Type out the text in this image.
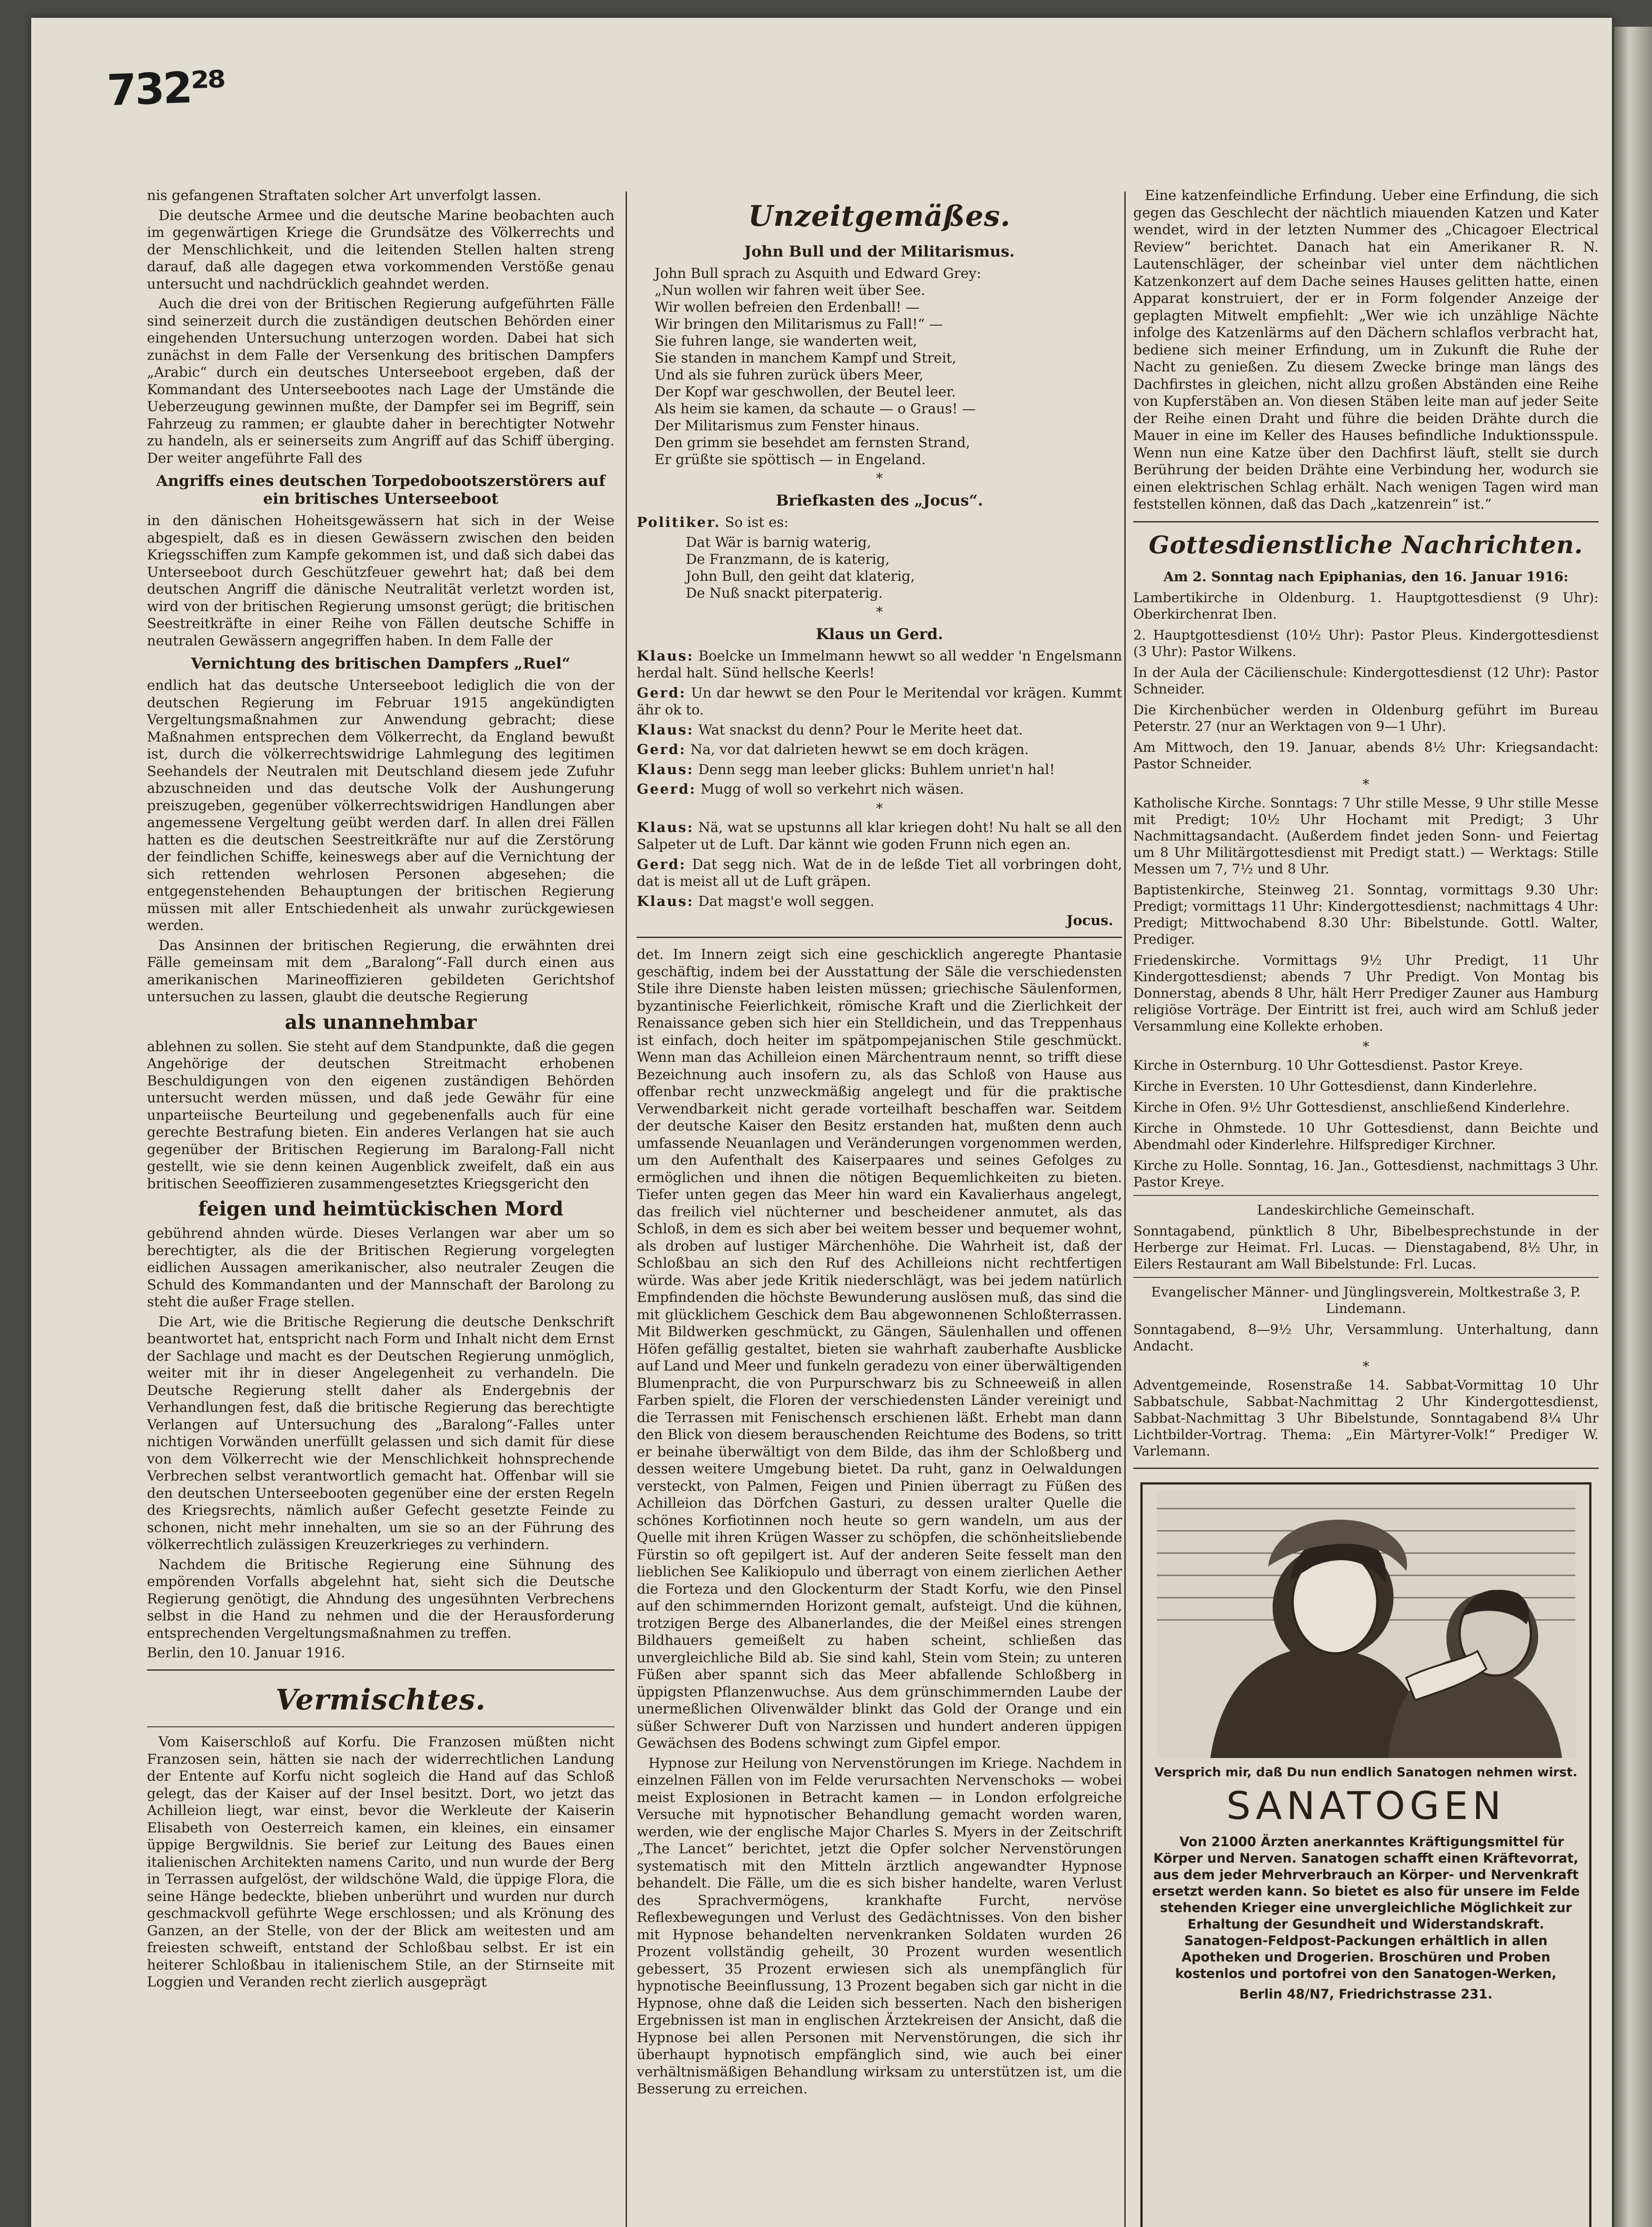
732²⁸

nis gefangenen Straftaten solcher Art unverfolgt lassen.

Die deutsche Armee und die deutsche Marine beobachten auch im gegenwärtigen Kriege die Grundsätze des Völkerrechts und der Menschlichkeit, und die leitenden Stellen halten streng darauf, daß alle dagegen etwa vorkommenden Verstöße genau untersucht und nachdrücklich geahndet werden.

Auch die drei von der Britischen Regierung aufgeführten Fälle sind seinerzeit durch die zuständigen deutschen Behörden einer eingehenden Untersuchung unterzogen worden. Dabei hat sich zunächst in dem Falle der Versenkung des britischen Dampfers „Arabic“ durch ein deutsches Unterseeboot ergeben, daß der Kommandant des Unterseebootes nach Lage der Umstände die Ueberzeugung gewinnen mußte, der Dampfer sei im Begriff, sein Fahrzeug zu rammen; er glaubte daher in berechtigter Notwehr zu handeln, als er seinerseits zum Angriff auf das Schiff überging. Der weiter angeführte Fall des

Angriffs eines deutschen Torpedobootszerstörers auf ein britisches Unterseeboot

in den dänischen Hoheitsgewässern hat sich in der Weise abgespielt, daß es in diesen Gewässern zwischen den beiden Kriegsschiffen zum Kampfe gekommen ist, und daß sich dabei das Unterseeboot durch Geschützfeuer gewehrt hat; daß bei dem deutschen Angriff die dänische Neutralität verletzt worden ist, wird von der britischen Regierung umsonst gerügt; die britischen Seestreitkräfte in einer Reihe von Fällen deutsche Schiffe in neutralen Gewässern angegriffen haben. In dem Falle der

Vernichtung des britischen Dampfers „Ruel“

endlich hat das deutsche Unterseeboot lediglich die von der deutschen Regierung im Februar 1915 angekündigten Vergeltungsmaßnahmen zur Anwendung gebracht; diese Maßnahmen entsprechen dem Völkerrecht, da England bewußt ist, durch die völkerrechtswidrige Lahmlegung des legitimen Seehandels der Neutralen mit Deutschland diesem jede Zufuhr abzuschneiden und das deutsche Volk der Aushungerung preiszugeben, gegenüber völkerrechtswidrigen Handlungen aber angemessene Vergeltung geübt werden darf. In allen drei Fällen hatten es die deutschen Seestreitkräfte nur auf die Zerstörung der feindlichen Schiffe, keineswegs aber auf die Vernichtung der sich rettenden wehrlosen Personen abgesehen; die entgegenstehenden Behauptungen der britischen Regierung müssen mit aller Entschiedenheit als unwahr zurückgewiesen werden.

Das Ansinnen der britischen Regierung, die erwähnten drei Fälle gemeinsam mit dem „Baralong“-Fall durch einen aus amerikanischen Marineoffizieren gebildeten Gerichtshof untersuchen zu lassen, glaubt die deutsche Regierung

als unannehmbar

ablehnen zu sollen. Sie steht auf dem Standpunkte, daß die gegen Angehörige der deutschen Streitmacht erhobenen Beschuldigungen von den eigenen zuständigen Behörden untersucht werden müssen, und daß jede Gewähr für eine unparteiische Beurteilung und gegebenenfalls auch für eine gerechte Bestrafung bieten. Ein anderes Verlangen hat sie auch gegenüber der Britischen Regierung im Baralong-Fall nicht gestellt, wie sie denn keinen Augenblick zweifelt, daß ein aus britischen Seeoffizieren zusammengesetztes Kriegsgericht den

feigen und heimtückischen Mord

gebührend ahnden würde. Dieses Verlangen war aber um so berechtigter, als die der Britischen Regierung vorgelegten eidlichen Aussagen amerikanischer, also neutraler Zeugen die Schuld des Kommandanten und der Mannschaft der Barolong zu steht die außer Frage stellen.

Die Art, wie die Britische Regierung die deutsche Denkschrift beantwortet hat, entspricht nach Form und Inhalt nicht dem Ernst der Sachlage und macht es der Deutschen Regierung unmöglich, weiter mit ihr in dieser Angelegenheit zu verhandeln. Die Deutsche Regierung stellt daher als Endergebnis der Verhandlungen fest, daß die britische Regierung das berechtigte Verlangen auf Untersuchung des „Baralong“-Falles unter nichtigen Vorwänden unerfüllt gelassen und sich damit für diese von dem Völkerrecht wie der Menschlichkeit hohnsprechende Verbrechen selbst verantwortlich gemacht hat. Offenbar will sie den deutschen Unterseebooten gegenüber eine der ersten Regeln des Kriegsrechts, nämlich außer Gefecht gesetzte Feinde zu schonen, nicht mehr innehalten, um sie so an der Führung des völkerrechtlich zulässigen Kreuzerkrieges zu verhindern.

Nachdem die Britische Regierung eine Sühnung des empörenden Vorfalls abgelehnt hat, sieht sich die Deutsche Regierung genötigt, die Ahndung des ungesühnten Verbrechens selbst in die Hand zu nehmen und die der Herausforderung entsprechenden Vergeltungsmaßnahmen zu treffen.

Berlin, den 10. Januar 1916.
Vermischtes.

Vom Kaiserschloß auf Korfu. Die Franzosen müßten nicht Franzosen sein, hätten sie nach der widerrechtlichen Landung der Entente auf Korfu nicht sogleich die Hand auf das Schloß gelegt, das der Kaiser auf der Insel besitzt. Dort, wo jetzt das Achilleion liegt, war einst, bevor die Werkleute der Kaiserin Elisabeth von Oesterreich kamen, ein kleines, ein einsamer üppige Bergwildnis. Sie berief zur Leitung des Baues einen italienischen Architekten namens Carito, und nun wurde der Berg in Terrassen aufgelöst, der wildschöne Wald, die üppige Flora, die seine Hänge bedeckte, blieben unberührt und wurden nur durch geschmackvoll geführte Wege erschlossen; und als Krönung des Ganzen, an der Stelle, von der der Blick am weitesten und am freiesten schweift, entstand der Schloßbau selbst. Er ist ein heiterer Schloßbau in italienischem Stile, an der Stirnseite mit Loggien und Veranden recht zierlich ausgeprägt

Unzeitgemäßes.
John Bull und der Militarismus.
John Bull sprach zu Asquith und Edward Grey:
„Nun wollen wir fahren weit über See.
Wir wollen befreien den Erdenball! —
Wir bringen den Militarismus zu Fall!“ —
Sie fuhren lange, sie wanderten weit,
Sie standen in manchem Kampf und Streit,
Und als sie fuhren zurück übers Meer,
Der Kopf war geschwollen, der Beutel leer.
Als heim sie kamen, da schaute — o Graus! —
Der Militarismus zum Fenster hinaus.
Den grimm sie besehdet am fernsten Strand,
Er grüßte sie spöttisch — in Engeland.
*
Briefkasten des „Jocus“.

Politiker. So ist es:

Dat Wär is barnig waterig,
De Franzmann, de is katerig,
John Bull, den geiht dat klaterig,
De Nuß snackt piterpaterig.
*
Klaus un Gerd.

Klaus: Boelcke un Immelmann hewwt so all wedder 'n Engelsmann herdal halt. Sünd hellsche Keerls!

Gerd: Un dar hewwt se den Pour le Meritendal vor krägen. Kummt ähr ok to.

Klaus: Wat snackst du denn? Pour le Merite heet dat.

Gerd: Na, vor dat dalrieten hewwt se em doch krägen.

Klaus: Denn segg man leeber glicks: Buhlem unriet'n hal!

Geerd: Mugg of woll so verkehrt nich wäsen.

*

Klaus: Nä, wat se upstunns all klar kriegen doht! Nu halt se all den Salpeter ut de Luft. Dar kännt wie goden Frunn nich egen an.

Gerd: Dat segg nich. Wat de in de leßde Tiet all vorbringen doht, dat is meist all ut de Luft gräpen.

Klaus: Dat magst'e woll seggen.

Jocus.

det. Im Innern zeigt sich eine geschicklich angeregte Phantasie geschäftig, indem bei der Ausstattung der Säle die verschiedensten Stile ihre Dienste haben leisten müssen; griechische Säulenformen, byzantinische Feierlichkeit, römische Kraft und die Zierlichkeit der Renaissance geben sich hier ein Stelldichein, und das Treppenhaus ist einfach, doch heiter im spätpompejanischen Stile geschmückt. Wenn man das Achilleion einen Märchentraum nennt, so trifft diese Bezeichnung auch insofern zu, als das Schloß von Hause aus offenbar recht unzweckmäßig angelegt und für die praktische Verwendbarkeit nicht gerade vorteilhaft beschaffen war. Seitdem der deutsche Kaiser den Besitz erstanden hat, mußten denn auch umfassende Neuanlagen und Veränderungen vorgenommen werden, um den Aufenthalt des Kaiserpaares und seines Gefolges zu ermöglichen und ihnen die nötigen Bequemlichkeiten zu bieten. Tiefer unten gegen das Meer hin ward ein Kavalierhaus angelegt, das freilich viel nüchterner und bescheidener anmutet, als das Schloß, in dem es sich aber bei weitem besser und bequemer wohnt, als droben auf lustiger Märchenhöhe. Die Wahrheit ist, daß der Schloßbau an sich den Ruf des Achilleions nicht rechtfertigen würde. Was aber jede Kritik niederschlägt, was bei jedem natürlich Empfindenden die höchste Bewunderung auslösen muß, das sind die mit glücklichem Geschick dem Bau abgewonnenen Schloßterrassen. Mit Bildwerken geschmückt, zu Gängen, Säulenhallen und offenen Höfen gefällig gestaltet, bieten sie wahrhaft zauberhafte Ausblicke auf Land und Meer und funkeln geradezu von einer überwältigenden Blumenpracht, die von Purpurschwarz bis zu Schneeweiß in allen Farben spielt, die Floren der verschiedensten Länder vereinigt und die Terrassen mit Fenischensch erschienen läßt. Erhebt man dann den Blick von diesem berauschenden Reichtume des Bodens, so tritt er beinahe überwältigt von dem Bilde, das ihm der Schloßberg und dessen weitere Umgebung bietet. Da ruht, ganz in Oelwaldungen versteckt, von Palmen, Feigen und Pinien überragt zu Füßen des Achilleion das Dörfchen Gasturi, zu dessen uralter Quelle die schönes Korfiotinnen noch heute so gern wandeln, um aus der Quelle mit ihren Krügen Wasser zu schöpfen, die schönheitsliebende Fürstin so oft gepilgert ist. Auf der anderen Seite fesselt man den lieblichen See Kalikiopulo und überragt von einem zierlichen Aether die Forteza und den Glockenturm der Stadt Korfu, wie den Pinsel auf den schimmernden Horizont gemalt, aufsteigt. Und die kühnen, trotzigen Berge des Albanerlandes, die der Meißel eines strengen Bildhauers gemeißelt zu haben scheint, schließen das unvergleichliche Bild ab. Sie sind kahl, Stein vom Stein; zu unteren Füßen aber spannt sich das Meer abfallende Schloßberg in üppigsten Pflanzenwuchse. Aus dem grünschimmernden Laube der unermeßlichen Olivenwälder blinkt das Gold der Orange und ein süßer Schwerer Duft von Narzissen und hundert anderen üppigen Gewächsen des Bodens schwingt zum Gipfel empor.

Hypnose zur Heilung von Nervenstörungen im Kriege. Nachdem in einzelnen Fällen von im Felde verursachten Nervenschoks — wobei meist Explosionen in Betracht kamen — in London erfolgreiche Versuche mit hypnotischer Behandlung gemacht worden waren, werden, wie der englische Major Charles S. Myers in der Zeitschrift „The Lancet“ berichtet, jetzt die Opfer solcher Nervenstörungen systematisch mit den Mitteln ärztlich angewandter Hypnose behandelt. Die Fälle, um die es sich bisher handelte, waren Verlust des Sprachvermögens, krankhafte Furcht, nervöse Reflexbewegungen und Verlust des Gedächtnisses. Von den bisher mit Hypnose behandelten nervenkranken Soldaten wurden 26 Prozent vollständig geheilt, 30 Prozent wurden wesentlich gebessert, 35 Prozent erwiesen sich als unempfänglich für hypnotische Beeinflussung, 13 Prozent begaben sich gar nicht in die Hypnose, ohne daß die Leiden sich besserten. Nach den bisherigen Ergebnissen ist man in englischen Ärztekreisen der Ansicht, daß die Hypnose bei allen Personen mit Nervenstörungen, die sich ihr überhaupt hypnotisch empfänglich sind, wie auch bei einer verhältnismäßigen Behandlung wirksam zu unterstützen ist, um die Besserung zu erreichen.

Eine katzenfeindliche Erfindung. Ueber eine Erfindung, die sich gegen das Geschlecht der nächtlich miauenden Katzen und Kater wendet, wird in der letzten Nummer des „Chicagoer Electrical Review“ berichtet. Danach hat ein Amerikaner R. N. Lautenschläger, der scheinbar viel unter dem nächtlichen Katzenkonzert auf dem Dache seines Hauses gelitten hatte, einen Apparat konstruiert, der er in Form folgender Anzeige der geplagten Mitwelt empfiehlt: „Wer wie ich unzählige Nächte infolge des Katzenlärms auf den Dächern schlaflos verbracht hat, bediene sich meiner Erfindung, um in Zukunft die Ruhe der Nacht zu genießen. Zu diesem Zwecke bringe man längs des Dachfirstes in gleichen, nicht allzu großen Abständen eine Reihe von Kupferstäben an. Von diesen Stäben leite man auf jeder Seite der Reihe einen Draht und führe die beiden Drähte durch die Mauer in eine im Keller des Hauses befindliche Induktionsspule. Wenn nun eine Katze über den Dachfirst läuft, stellt sie durch Berührung der beiden Drähte eine Verbindung her, wodurch sie einen elektrischen Schlag erhält. Nach wenigen Tagen wird man feststellen können, daß das Dach „katzenrein“ ist.“

Gottesdienstliche Nachrichten.
Am 2. Sonntag nach Epiphanias, den 16. Januar 1916:
Lambertikirche in Oldenburg. 1. Hauptgottesdienst (9 Uhr): Oberkirchenrat Iben.
2. Hauptgottesdienst (10½ Uhr): Pastor Pleus. Kindergottesdienst (3 Uhr): Pastor Wilkens.
In der Aula der Cäcilienschule: Kindergottesdienst (12 Uhr): Pastor Schneider.
Die Kirchenbücher werden in Oldenburg geführt im Bureau Peterstr. 27 (nur an Werktagen von 9—1 Uhr).
Am Mittwoch, den 19. Januar, abends 8½ Uhr: Kriegsandacht: Pastor Schneider.
*
Katholische Kirche. Sonntags: 7 Uhr stille Messe, 9 Uhr stille Messe mit Predigt; 10½ Uhr Hochamt mit Predigt; 3 Uhr Nachmittagsandacht. (Außerdem findet jeden Sonn- und Feiertag um 8 Uhr Militärgottesdienst mit Predigt statt.) — Werktags: Stille Messen um 7, 7½ und 8 Uhr.
Baptistenkirche, Steinweg 21. Sonntag, vormittags 9.30 Uhr: Predigt; vormittags 11 Uhr: Kindergottesdienst; nachmittags 4 Uhr: Predigt; Mittwochabend 8.30 Uhr: Bibelstunde. Gottl. Walter, Prediger.
Friedenskirche. Vormittags 9½ Uhr Predigt, 11 Uhr Kindergottesdienst; abends 7 Uhr Predigt. Von Montag bis Donnerstag, abends 8 Uhr, hält Herr Prediger Zauner aus Hamburg religiöse Vorträge. Der Eintritt ist frei, auch wird am Schluß jeder Versammlung eine Kollekte erhoben.
*
Kirche in Osternburg. 10 Uhr Gottesdienst. Pastor Kreye.
Kirche in Eversten. 10 Uhr Gottesdienst, dann Kinderlehre.
Kirche in Ofen. 9½ Uhr Gottesdienst, anschließend Kinderlehre.
Kirche in Ohmstede. 10 Uhr Gottesdienst, dann Beichte und Abendmahl oder Kinderlehre. Hilfsprediger Kirchner.
Kirche zu Holle. Sonntag, 16. Jan., Gottesdienst, nachmittags 3 Uhr. Pastor Kreye.
Landeskirchliche Gemeinschaft.
Sonntagabend, pünktlich 8 Uhr, Bibelbesprechstunde in der Herberge zur Heimat. Frl. Lucas. — Dienstagabend, 8½ Uhr, in Eilers Restaurant am Wall Bibelstunde: Frl. Lucas.
Evangelischer Männer- und Jünglingsverein, Moltkestraße 3, P. Lindemann.
Sonntagabend, 8—9½ Uhr, Versammlung. Unterhaltung, dann Andacht.
*
Adventgemeinde, Rosenstraße 14. Sabbat-Vormittag 10 Uhr Sabbatschule, Sabbat-Nachmittag 2 Uhr Kindergottesdienst, Sabbat-Nachmittag 3 Uhr Bibelstunde, Sonntagabend 8¼ Uhr Lichtbilder-Vortrag. Thema: „Ein Märtyrer-Volk!“ Prediger W. Varlemann.
Versprich mir, daß Du nun endlich Sanatogen nehmen wirst.
SANATOGEN

Von 21000 Ärzten anerkanntes Kräftigungsmittel für Körper und Nerven. Sanatogen schafft einen Kräftevorrat, aus dem jeder Mehrverbrauch an Körper- und Nervenkraft ersetzt werden kann. So bietet es also für unsere im Felde stehenden Krieger eine unvergleichliche Möglichkeit zur Erhaltung der Gesundheit und Widerstandskraft. Sanatogen-Feldpost-Packungen erhältlich in allen Apotheken und Drogerien. Broschüren und Proben kostenlos und portofrei von den Sanatogen-Werken,

Berlin 48/N7, Friedrichstrasse 231.
